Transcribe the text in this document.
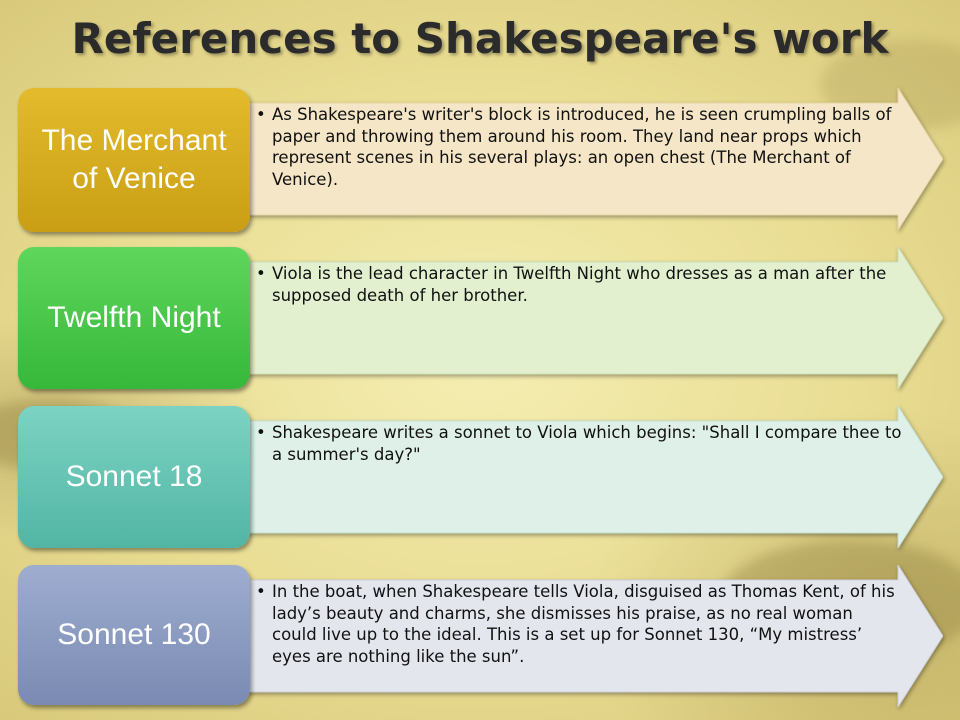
References to Shakespeare's work
The Merchant of Venice
• As Shakespeare's writer's block is introduced, he is seen crumpling balls of paper and throwing them around his room. They land near props which represent scenes in his several plays: an open chest (The Merchant of Venice).
Twelfth Night
• Viola is the lead character in Twelfth Night who dresses as a man after the supposed death of her brother.
Sonnet 18
• Shakespeare writes a sonnet to Viola which begins: "Shall I compare thee to a summer's day?"
Sonnet 130
• In the boat, when Shakespeare tells Viola, disguised as Thomas Kent, of his lady’s beauty and charms, she dismisses his praise, as no real woman could live up to the ideal. This is a set up for Sonnet 130, “My mistress’ eyes are nothing like the sun”.
